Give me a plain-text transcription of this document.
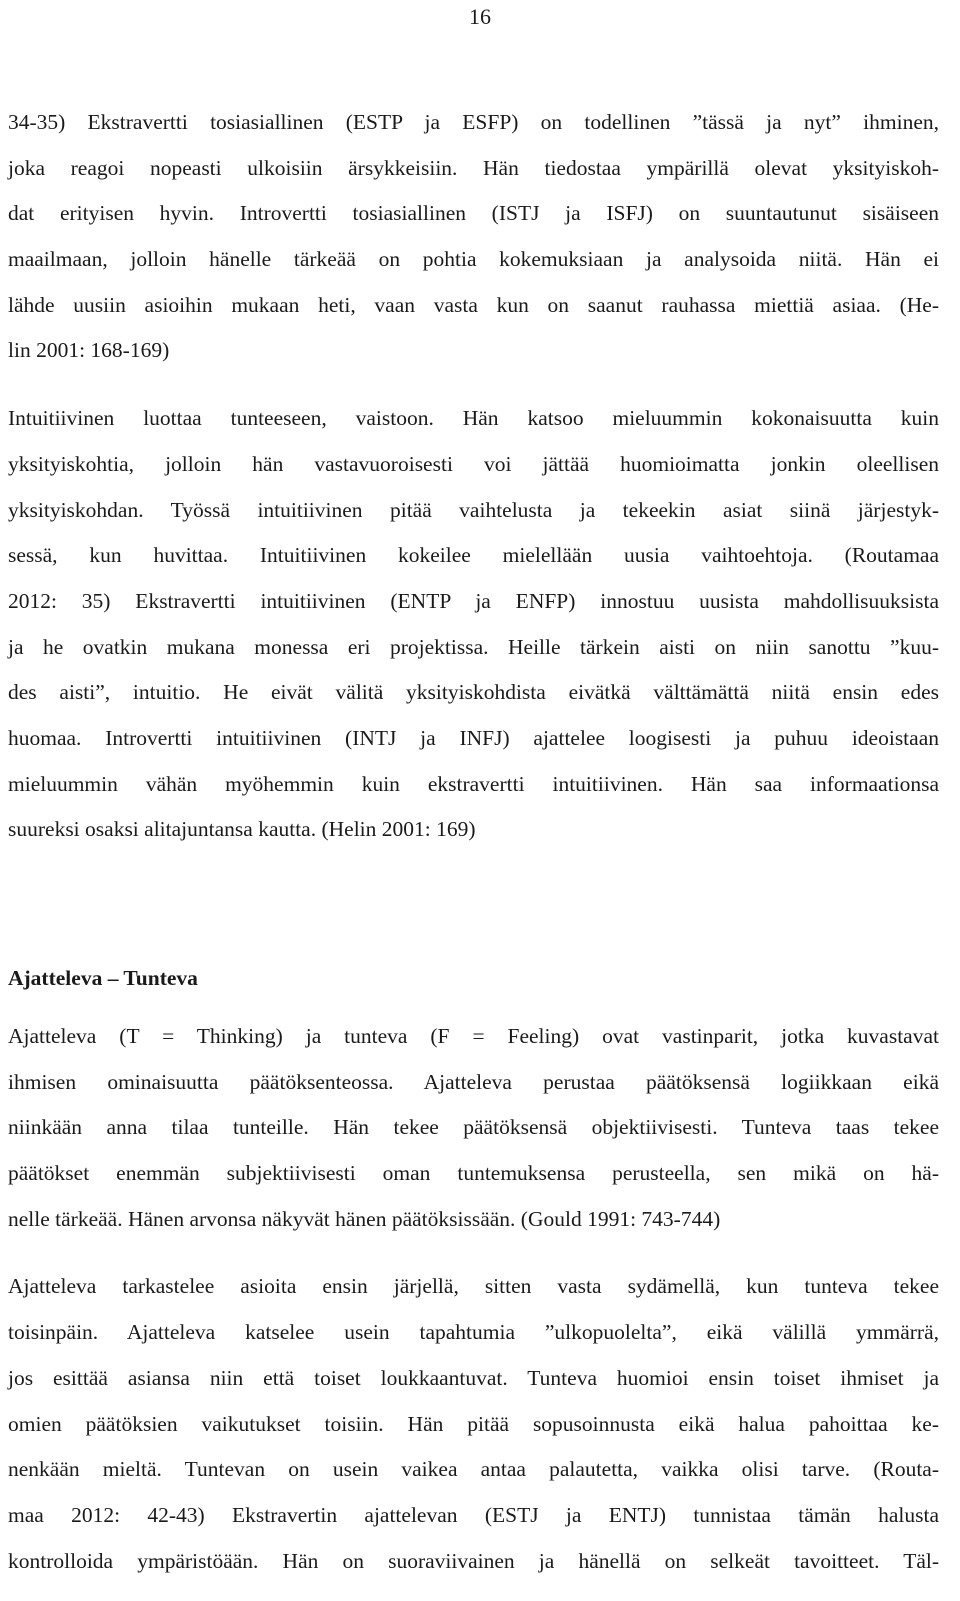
16
34-35) Ekstravertti tosiasiallinen (ESTP ja ESFP) on todellinen ”tässä ja nyt” ihminen,
joka reagoi nopeasti ulkoisiin ärsykkeisiin. Hän tiedostaa ympärillä olevat yksityiskoh-
dat erityisen hyvin. Introvertti tosiasiallinen (ISTJ ja ISFJ) on suuntautunut sisäiseen
maailmaan, jolloin hänelle tärkeää on pohtia kokemuksiaan ja analysoida niitä. Hän ei
lähde uusiin asioihin mukaan heti, vaan vasta kun on saanut rauhassa miettiä asiaa. (He-
lin 2001: 168-169)
Intuitiivinen luottaa tunteeseen, vaistoon. Hän katsoo mieluummin kokonaisuutta kuin
yksityiskohtia, jolloin hän vastavuoroisesti voi jättää huomioimatta jonkin oleellisen
yksityiskohdan. Työssä intuitiivinen pitää vaihtelusta ja tekeekin asiat siinä järjestyk-
sessä, kun huvittaa. Intuitiivinen kokeilee mielellään uusia vaihtoehtoja. (Routamaa
2012: 35) Ekstravertti intuitiivinen (ENTP ja ENFP) innostuu uusista mahdollisuuksista
ja he ovatkin mukana monessa eri projektissa. Heille tärkein aisti on niin sanottu ”kuu-
des aisti”, intuitio. He eivät välitä yksityiskohdista eivätkä välttämättä niitä ensin edes
huomaa. Introvertti intuitiivinen (INTJ ja INFJ) ajattelee loogisesti ja puhuu ideoistaan
mieluummin vähän myöhemmin kuin ekstravertti intuitiivinen. Hän saa informaationsa
suureksi osaksi alitajuntansa kautta. (Helin 2001: 169)
Ajatteleva – Tunteva
Ajatteleva (T = Thinking) ja tunteva (F = Feeling) ovat vastinparit, jotka kuvastavat
ihmisen ominaisuutta päätöksenteossa. Ajatteleva perustaa päätöksensä logiikkaan eikä
niinkään anna tilaa tunteille. Hän tekee päätöksensä objektiivisesti. Tunteva taas tekee
päätökset enemmän subjektiivisesti oman tuntemuksensa perusteella, sen mikä on hä-
nelle tärkeää. Hänen arvonsa näkyvät hänen päätöksissään. (Gould 1991: 743-744)
Ajatteleva tarkastelee asioita ensin järjellä, sitten vasta sydämellä, kun tunteva tekee
toisinpäin. Ajatteleva katselee usein tapahtumia ”ulkopuolelta”, eikä välillä ymmärrä,
jos esittää asiansa niin että toiset loukkaantuvat. Tunteva huomioi ensin toiset ihmiset ja
omien päätöksien vaikutukset toisiin. Hän pitää sopusoinnusta eikä halua pahoittaa ke-
nenkään mieltä. Tuntevan on usein vaikea antaa palautetta, vaikka olisi tarve. (Routa-
maa 2012: 42-43) Ekstravertin ajattelevan (ESTJ ja ENTJ) tunnistaa tämän halusta
kontrolloida ympäristöään. Hän on suoraviivainen ja hänellä on selkeät tavoitteet. Täl-
